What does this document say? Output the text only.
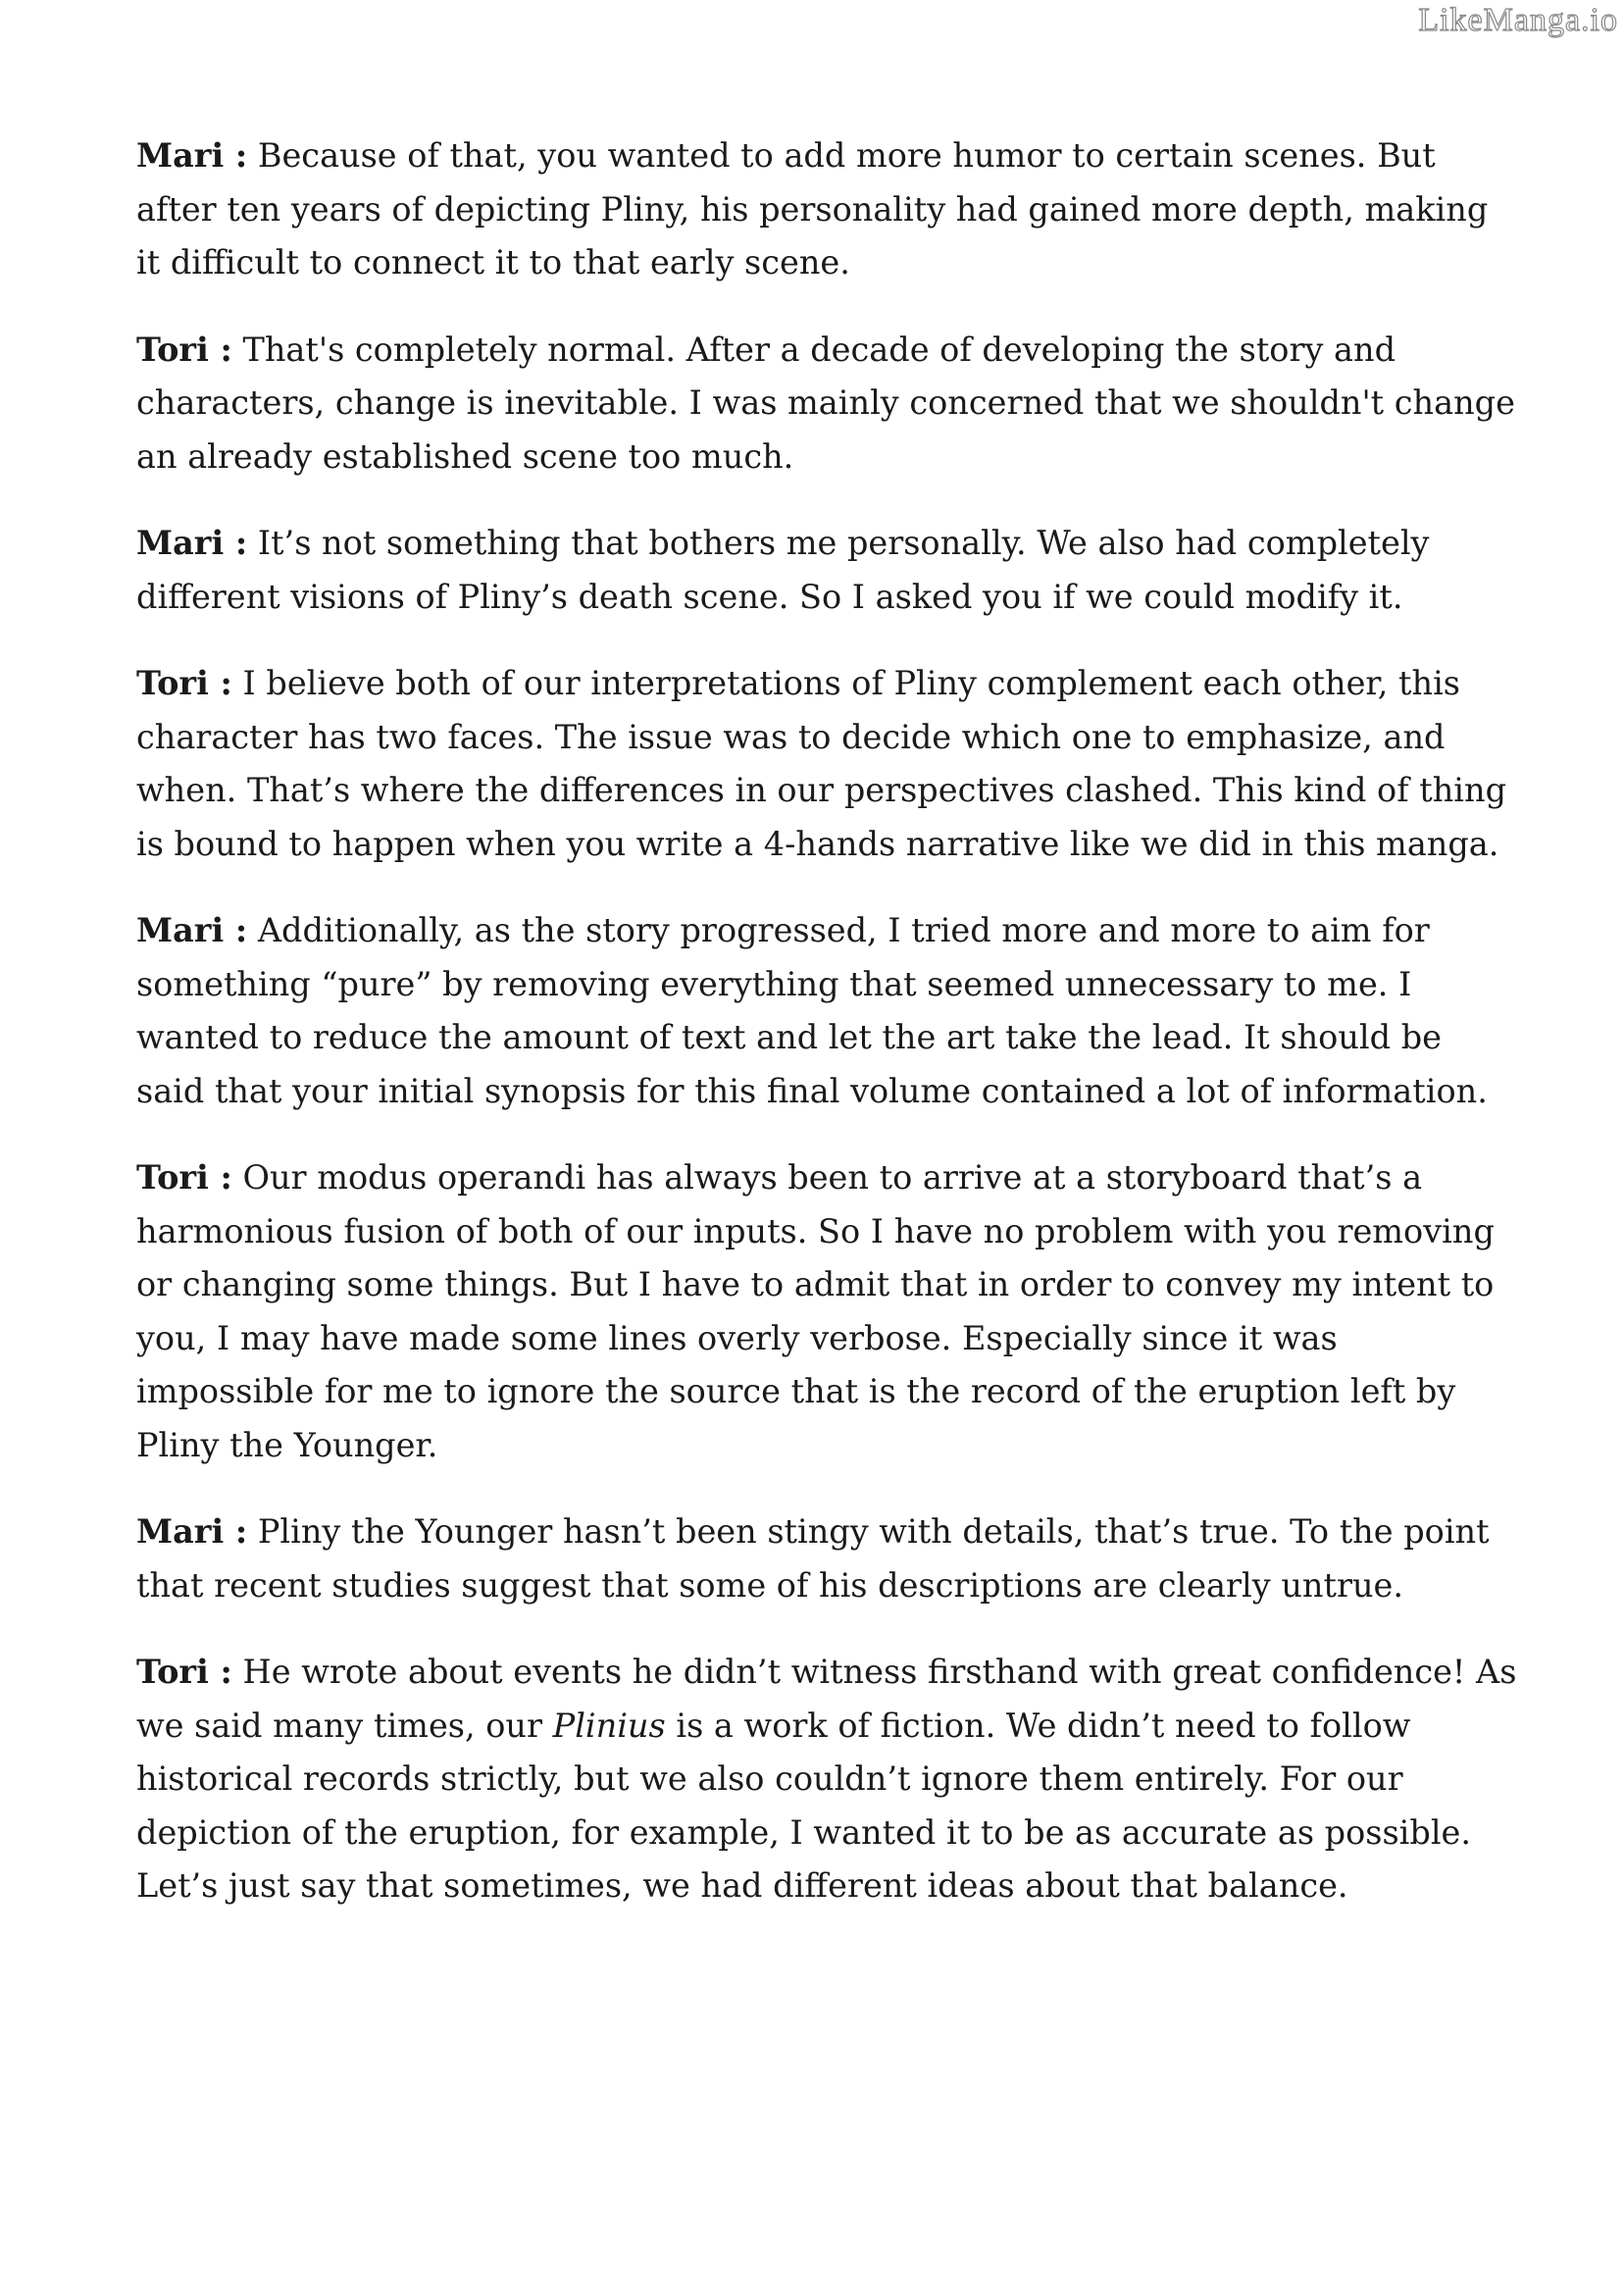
LikeManga.io

Mari : Because of that, you wanted to add more humor to certain scenes. But after ten years of depicting Pliny, his personality had gained more depth, making it difficult to connect it to that early scene.

Tori : That's completely normal. After a decade of developing the story and characters, change is inevitable. I was mainly concerned that we shouldn't change an already established scene too much.

Mari : It’s not something that bothers me personally. We also had completely different visions of Pliny’s death scene. So I asked you if we could modify it.

Tori : I believe both of our interpretations of Pliny complement each other, this character has two faces. The issue was to decide which one to emphasize, and when. That’s where the differences in our perspectives clashed. This kind of thing is bound to happen when you write a 4-hands narrative like we did in this manga.

Mari : Additionally, as the story progressed, I tried more and more to aim for something “pure” by removing everything that seemed unnecessary to me. I wanted to reduce the amount of text and let the art take the lead. It should be said that your initial synopsis for this final volume contained a lot of information.

Tori : Our modus operandi has always been to arrive at a storyboard that’s a harmonious fusion of both of our inputs. So I have no problem with you removing or changing some things. But I have to admit that in order to convey my intent to you, I may have made some lines overly verbose. Especially since it was impossible for me to ignore the source that is the record of the eruption left by Pliny the Younger.

Mari : Pliny the Younger hasn’t been stingy with details, that’s true. To the point that recent studies suggest that some of his descriptions are clearly untrue.

Tori : He wrote about events he didn’t witness firsthand with great confidence! As we said many times, our Plinius is a work of fiction. We didn’t need to follow historical records strictly, but we also couldn’t ignore them entirely. For our depiction of the eruption, for example, I wanted it to be as accurate as possible. Let’s just say that sometimes, we had different ideas about that balance.
